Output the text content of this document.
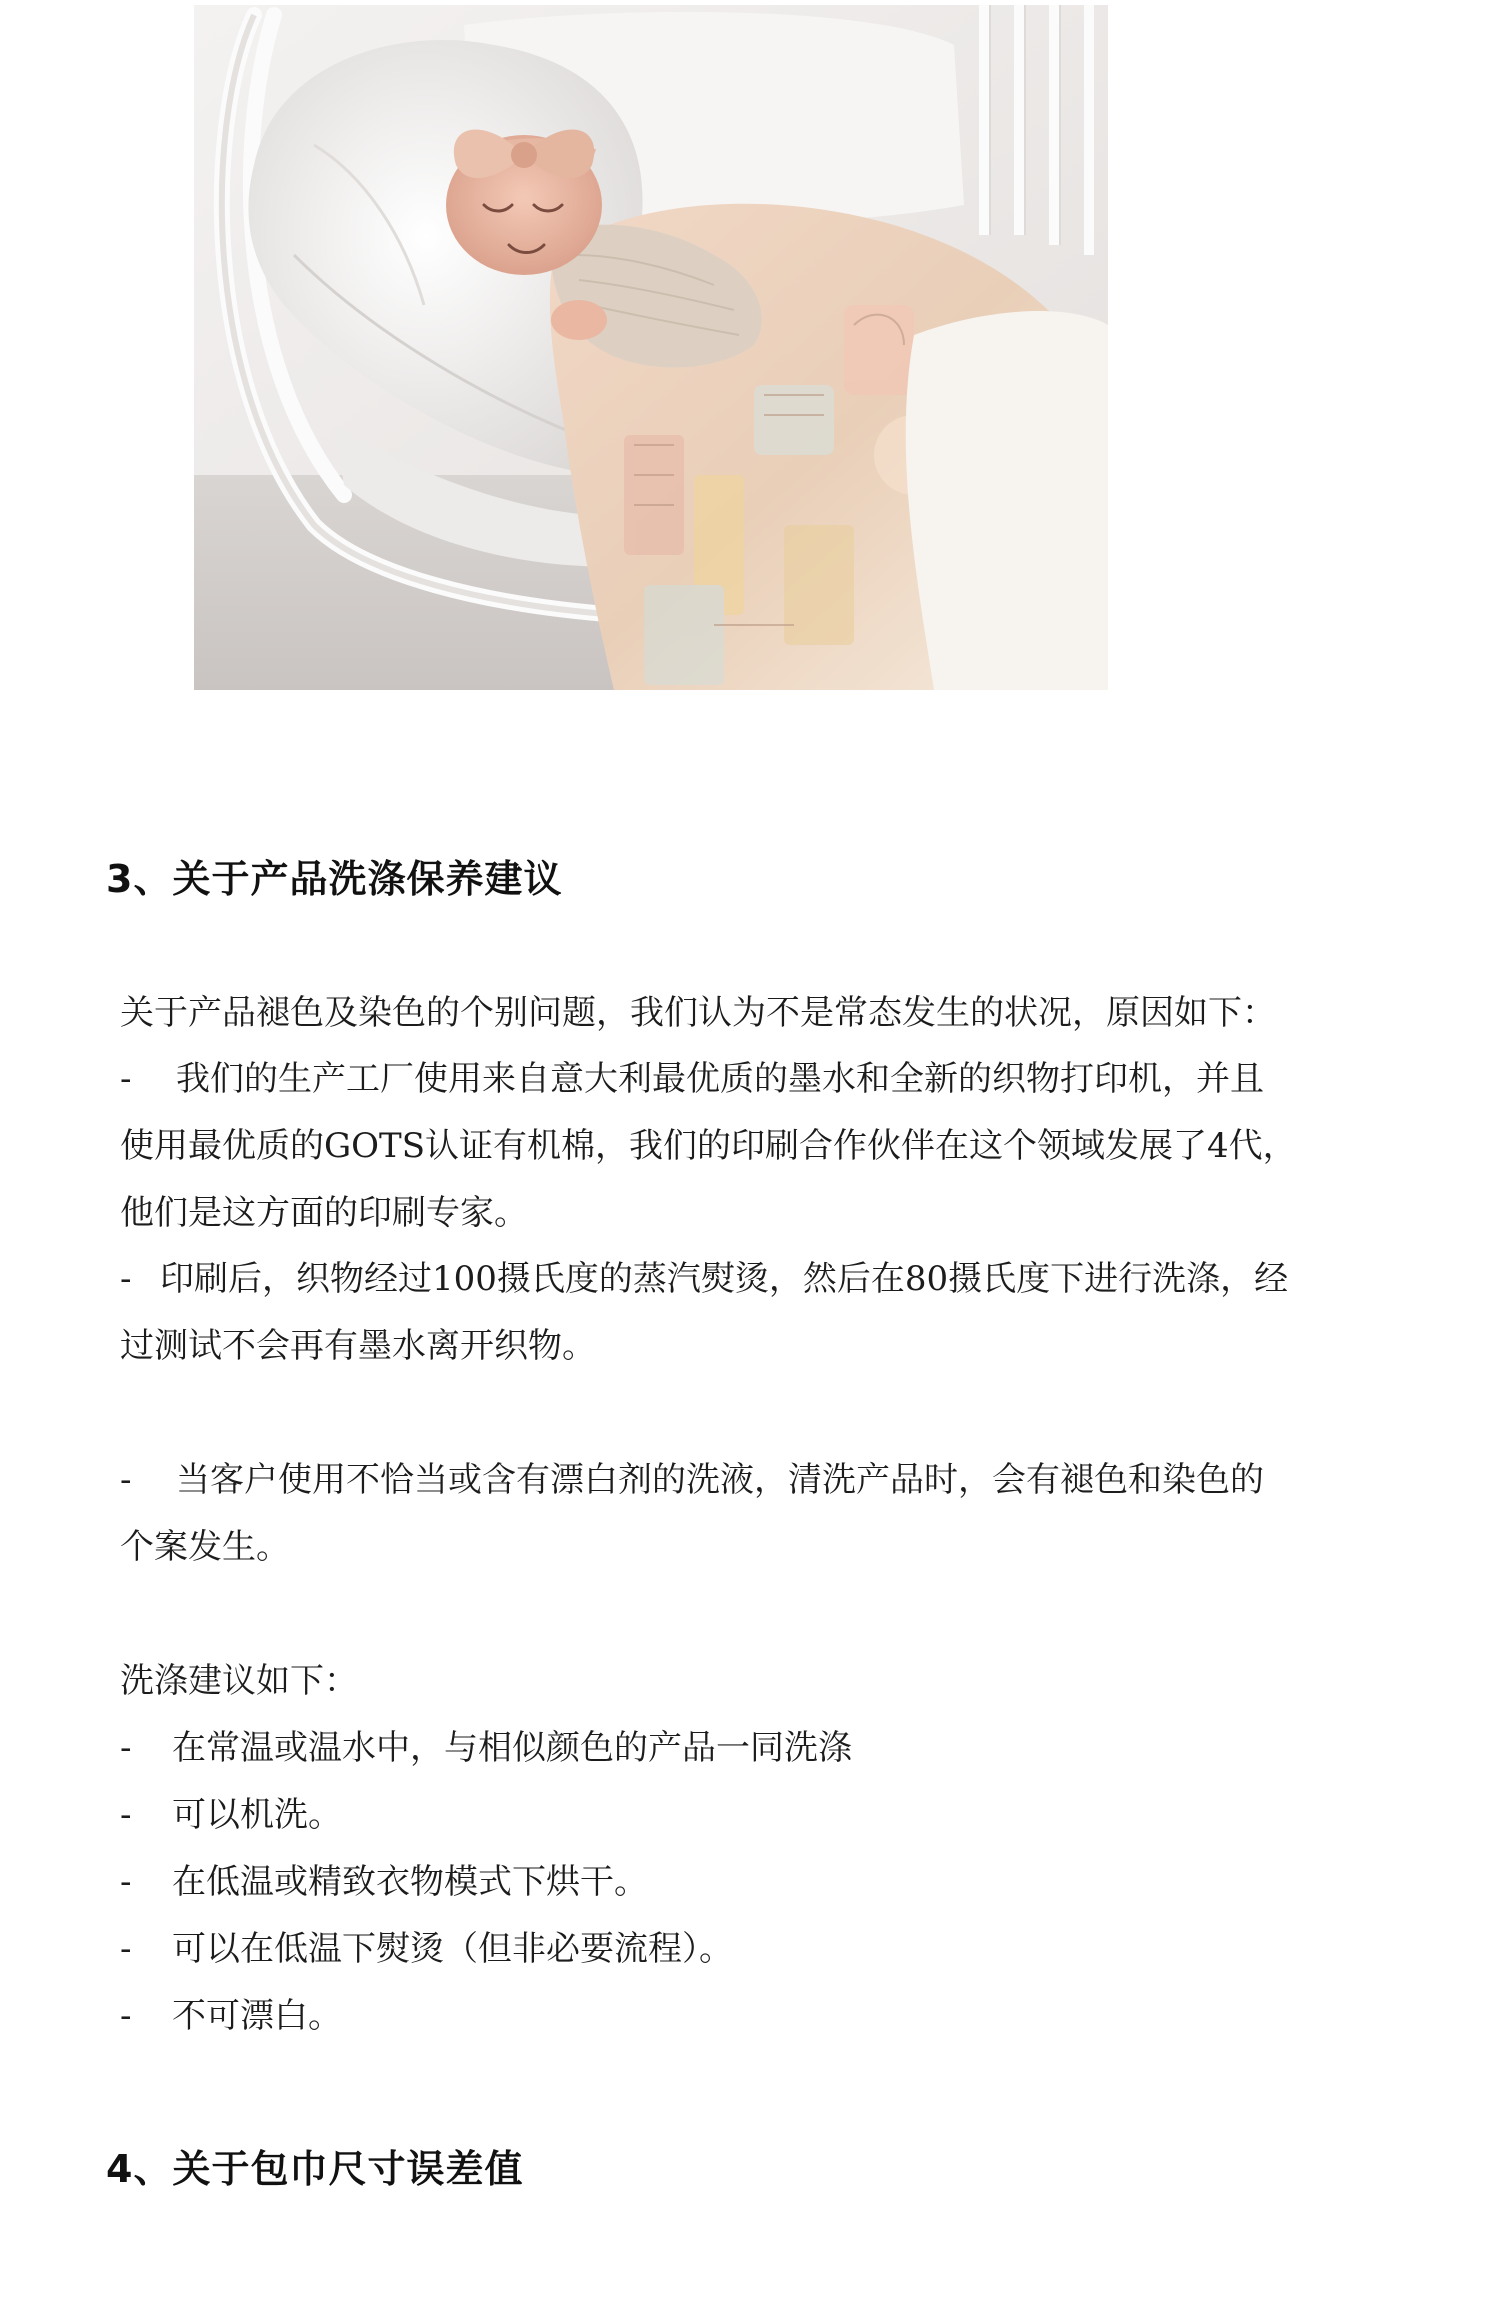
3、关于产品洗涤保养建议

关于产品褪色及染色的个别问题，我们认为不是常态发生的状况，原因如下：

- 我们的生产工厂使用来自意大利最优质的墨水和全新的织物打印机，并且

使用最优质的GOTS认证有机棉，我们的印刷合作伙伴在这个领域发展了4代，

他们是这方面的印刷专家。

- 印刷后，织物经过100摄氏度的蒸汽熨烫，然后在80摄氏度下进行洗涤，经

过测试不会再有墨水离开织物。

- 当客户使用不恰当或含有漂白剂的洗液，清洗产品时，会有褪色和染色的

个案发生。

洗涤建议如下：

- 在常温或温水中，与相似颜色的产品一同洗涤

- 可以机洗。

- 在低温或精致衣物模式下烘干。

- 可以在低温下熨烫（但非必要流程）。

- 不可漂白。

4、关于包巾尺寸误差值
